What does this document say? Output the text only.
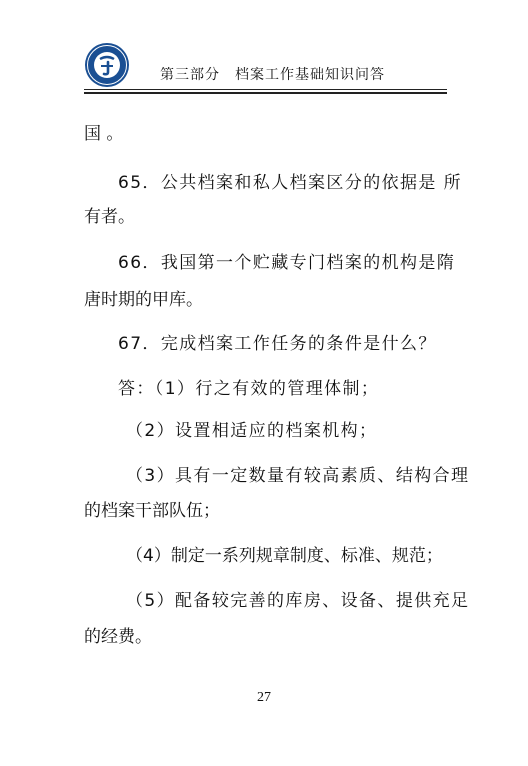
第三部分　档案工作基础知识问答
国 。
65．公共档案和私人档案区分的依据是 所
有者。
66．我国第一个贮藏专门档案的机构是隋
唐时期的甲库。
67．完成档案工作任务的条件是什么？
答：（1）行之有效的管理体制；
（2）设置相适应的档案机构；
（3）具有一定数量有较高素质、结构合理
的档案干部队伍；
（4）制定一系列规章制度、标准、规范；
（5）配备较完善的库房、设备、提供充足
的经费。
27
